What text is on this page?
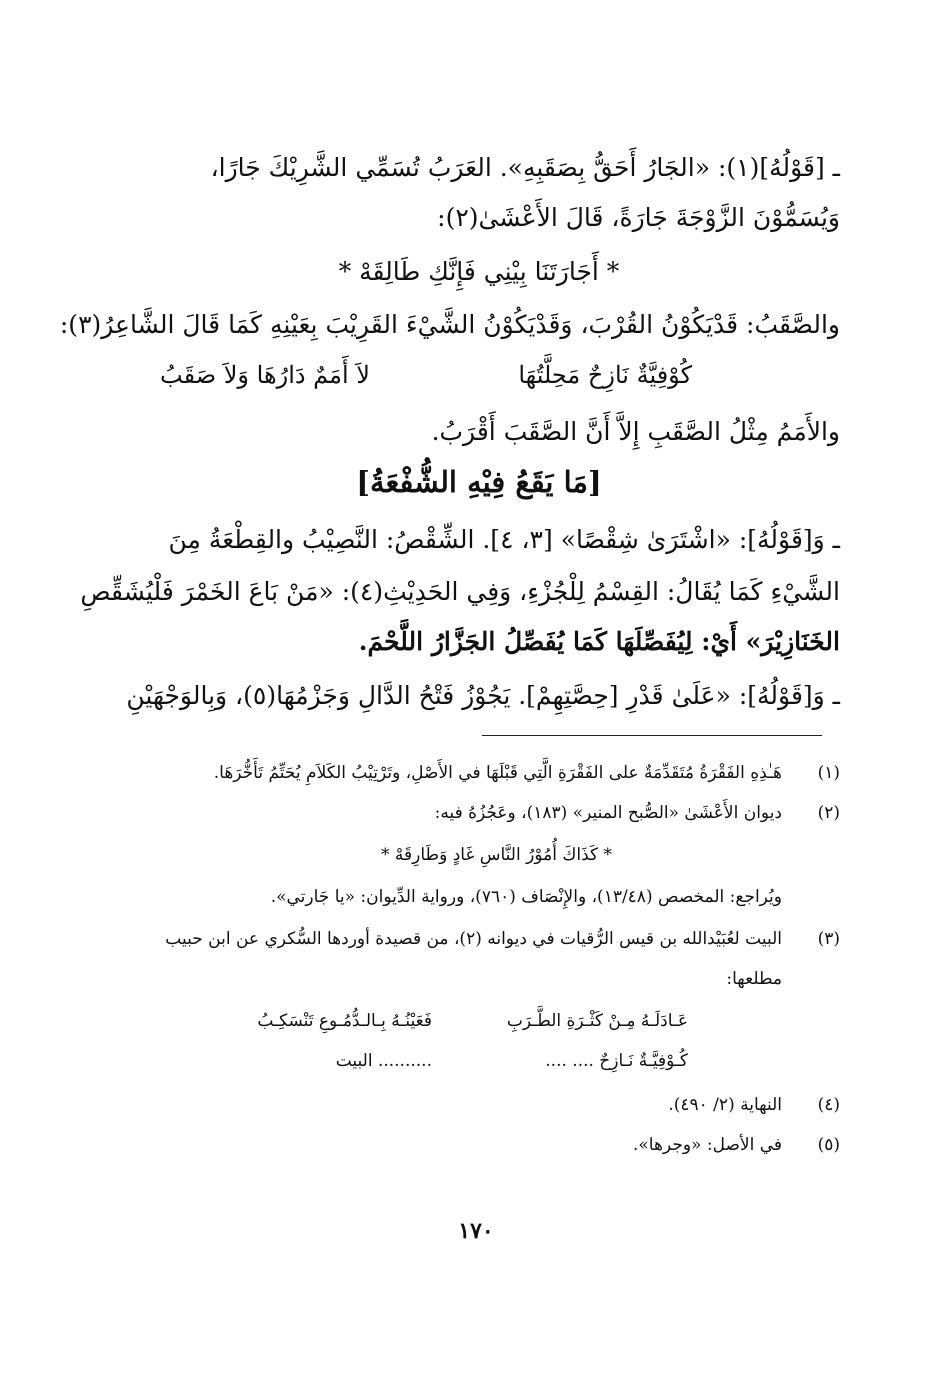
ـ [قَوْلُهُ](١): «الجَارُ أَحَقُّ بِصَقَبِهِ». العَرَبُ تُسَمِّي الشَّرِيْكَ جَارًا،
وَيُسَمُّوْنَ الزَّوْجَةَ جَارَةً، قَالَ الأَعْشَىٰ(٢):
* أَجَارَتَنَا بِيْنِي فَإِنَّكِ طَالِقَهْ *
والصَّقَبُ: قَدْيَكُوْنُ القُرْبَ، وَقَدْيَكُوْنُ الشَّيْءَ القَرِيْبَ بِعَيْنِهِ كَمَا قَالَ الشَّاعِرُ(٣):
كُوْفِيَّةٌ نَازِحٌ مَحِلَّتُهَا
لاَ أَمَمٌ دَارُهَا وَلاَ صَقَبُ
والأَمَمُ مِثْلُ الصَّقَبِ إِلاَّ أَنَّ الصَّقَبَ أَقْرَبُ.
[مَا يَقَعُ فِيْهِ الشُّفْعَةُ]
ـ وَ[قَوْلُهُ]: «اشْتَرَىٰ شِقْصًا» [٣، ٤]. الشِّقْصُ: النَّصِيْبُ والقِطْعَةُ مِنَ
الشَّيْءِ كَمَا يُقَالُ: القِسْمُ لِلْجُزْءِ، وَفِي الحَدِيْثِ(٤): «مَنْ بَاعَ الخَمْرَ فَلْيُشَقِّصِ
الخَنَازِيْرَ» أَيْ: لِيُفَصِّلَهَا كَمَا يُفَصِّلُ الجَزَّارُ اللَّحْمَ.
ـ وَ[قَوْلُهُ]: «عَلَىٰ قَدْرِ [حِصَّتِهِمْ]. يَجُوْزُ فَتْحُ الدَّالِ وَجَزْمُهَا(٥)، وَبِالوَجْهَيْنِ
(١)
هَـٰذِهِ الفَقْرَةُ مُتَقَدِّمَةٌ على الفَقْرَةِ الَّتِي قَبْلَهَا في الأَصْلِ، وتَرْتِيْبُ الكَلاَمِ يُحَتِّمُ تَأَخُّرَهَا.
(٢)
ديوان الأَعْشَىٰ «الصُّبح المنير» (١٨٣)، وعَجُزُهُ فيه:
* كَذَاكَ أُمُوْرُ النَّاسِ غَادٍ وَطَارِقَهْ *
ويُراجع: المخصص (١٣/٤٨)، والإِنْصَاف (٧٦٠)، ورواية الدِّيوان: «يا جَارتي».
(٣)
البيت لعُبَيْدالله بن قيس الرُّقيات في ديوانه (٢)، من قصيدة أوردها السُّكري عن ابن حبيب
مطلعها:
عَـادَلَـهُ مِـنْ كَثْـرَةِ الطَّـرَبِ
فَعَيْنُـهُ بِـالـدُّمُـوعِ تَنْسَكِـبُ
كُـوْفِيَّـةٌ نَـازِحٌ .... ....
.......... البيت
(٤)
النهاية (٢/ ٤٩٠).
(٥)
في الأصل: «وجرها».
١٧٠
